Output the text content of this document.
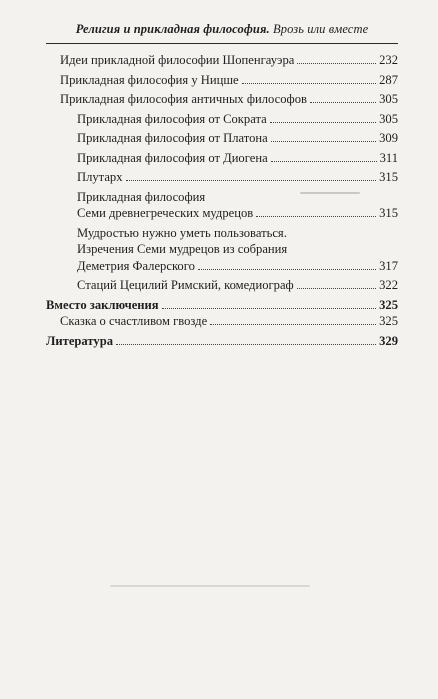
Религия и прикладная философия. Врозь или вместе
Идеи прикладной философии Шопенгауэра	232
Прикладная философия у Ницше	287
Прикладная философия античных философов	305
Прикладная философия от Сократа	305
Прикладная философия от Платона	309
Прикладная философия от Диогена	311
Плутарх	315
Прикладная философия
Семи древнегреческих мудрецов	315
Мудростью нужно уметь пользоваться.
Изречения Семи мудрецов из собрания
Деметрия Фалерского	317
Стаций Цецилий Римский, комедиограф	322
Вместо заключения	325
Сказка о счастливом гвозде	325
Литература	329
